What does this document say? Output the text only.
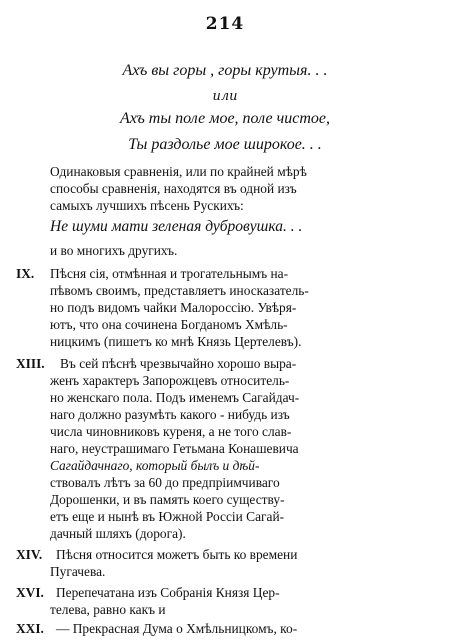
214
Ахъ вы горы , горы крутыя. . .
или
Ахъ ты поле мое, поле чистое,
Ты раздолье мое широкое. . .
Одинаковыя сравненія, или по крайней мѣрѣ
способы сравненія, находятся въ одной изъ
самыхъ лучшихъ пѣсень Рускихъ:
Не шуми мати зеленая дубровушка. . .
и во многихъ другихъ.
IX. Пѣсня сія, отмѣнная и трогательнымъ на-
пѣвомъ своимъ, представляетъ иносказатель-
но подъ видомъ чайки Малороссію. Увѣря-
ютъ, что она сочинена Богданомъ Хмѣль-
ницкимъ (пишетъ ко мнѣ Князь Цертелевъ).
XIII. Въ сей пѣснѣ чрезвычайно хорошо выра-
женъ характеръ Запорожцевъ относитель-
но женскаго пола. Подъ именемъ Сагайдач-
наго должно разумѣть какого - нибудь изъ
числа чиновниковъ куреня, а не того слав-
наго, неустрашимаго Гетьмана Конашевича
Сагайдачнаго, который былъ и дѣй-
ствовалъ лѣтъ за 60 до предпріимчиваго
Дорошенки, и въ память коего существу-
етъ еще и нынѣ въ Южной Россіи Сагай-
дачный шляхъ (дорога).
XIV. Пѣсня относится можетъ быть ко времени
Пугачева.
XVI. Перепечатана изъ Собранія Князя Цер-
телева, равно какъ и
XXI. — Прекрасная Дума о Хмѣльницкомъ, ко-
